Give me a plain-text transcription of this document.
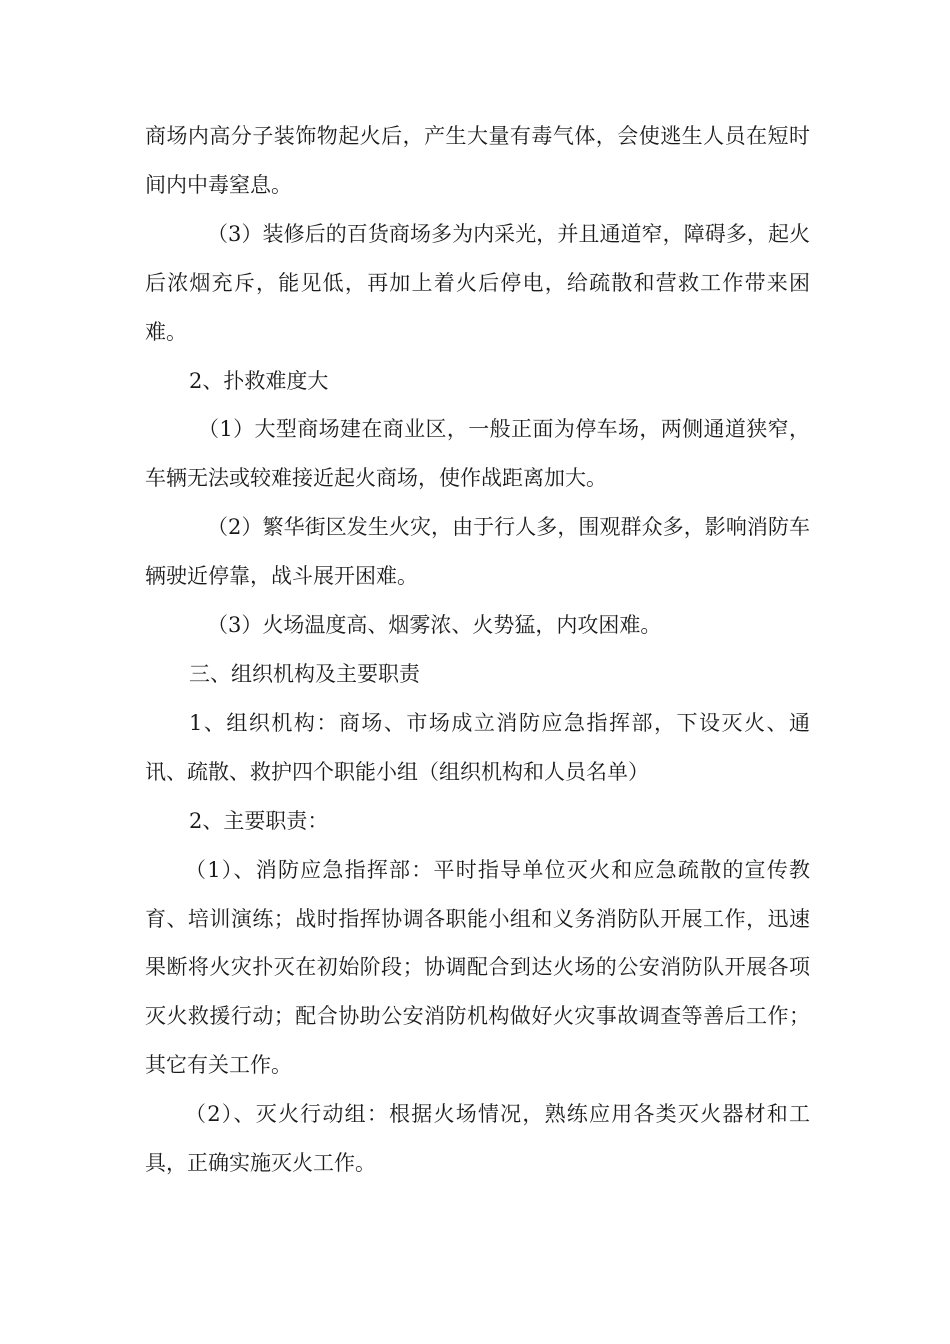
商场内高分子装饰物起火后，产生大量有毒气体，会使逃生人员在短时间内中毒窒息。

（3）装修后的百货商场多为内采光，并且通道窄，障碍多，起火后浓烟充斥，能见低，再加上着火后停电，给疏散和营救工作带来困难。

2、扑救难度大

（1）大型商场建在商业区，一般正面为停车场，两侧通道狭窄，车辆无法或较难接近起火商场，使作战距离加大。

（2）繁华街区发生火灾，由于行人多，围观群众多，影响消防车辆驶近停靠，战斗展开困难。

（3）火场温度高、烟雾浓、火势猛，内攻困难。

三、组织机构及主要职责

1、组织机构：商场、市场成立消防应急指挥部，下设灭火、通讯、疏散、救护四个职能小组（组织机构和人员名单）

2、主要职责：

（1）、消防应急指挥部：平时指导单位灭火和应急疏散的宣传教育、培训演练；战时指挥协调各职能小组和义务消防队开展工作，迅速果断将火灾扑灭在初始阶段；协调配合到达火场的公安消防队开展各项灭火救援行动；配合协助公安消防机构做好火灾事故调查等善后工作；其它有关工作。

（2）、灭火行动组：根据火场情况，熟练应用各类灭火器材和工具，正确实施灭火工作。
